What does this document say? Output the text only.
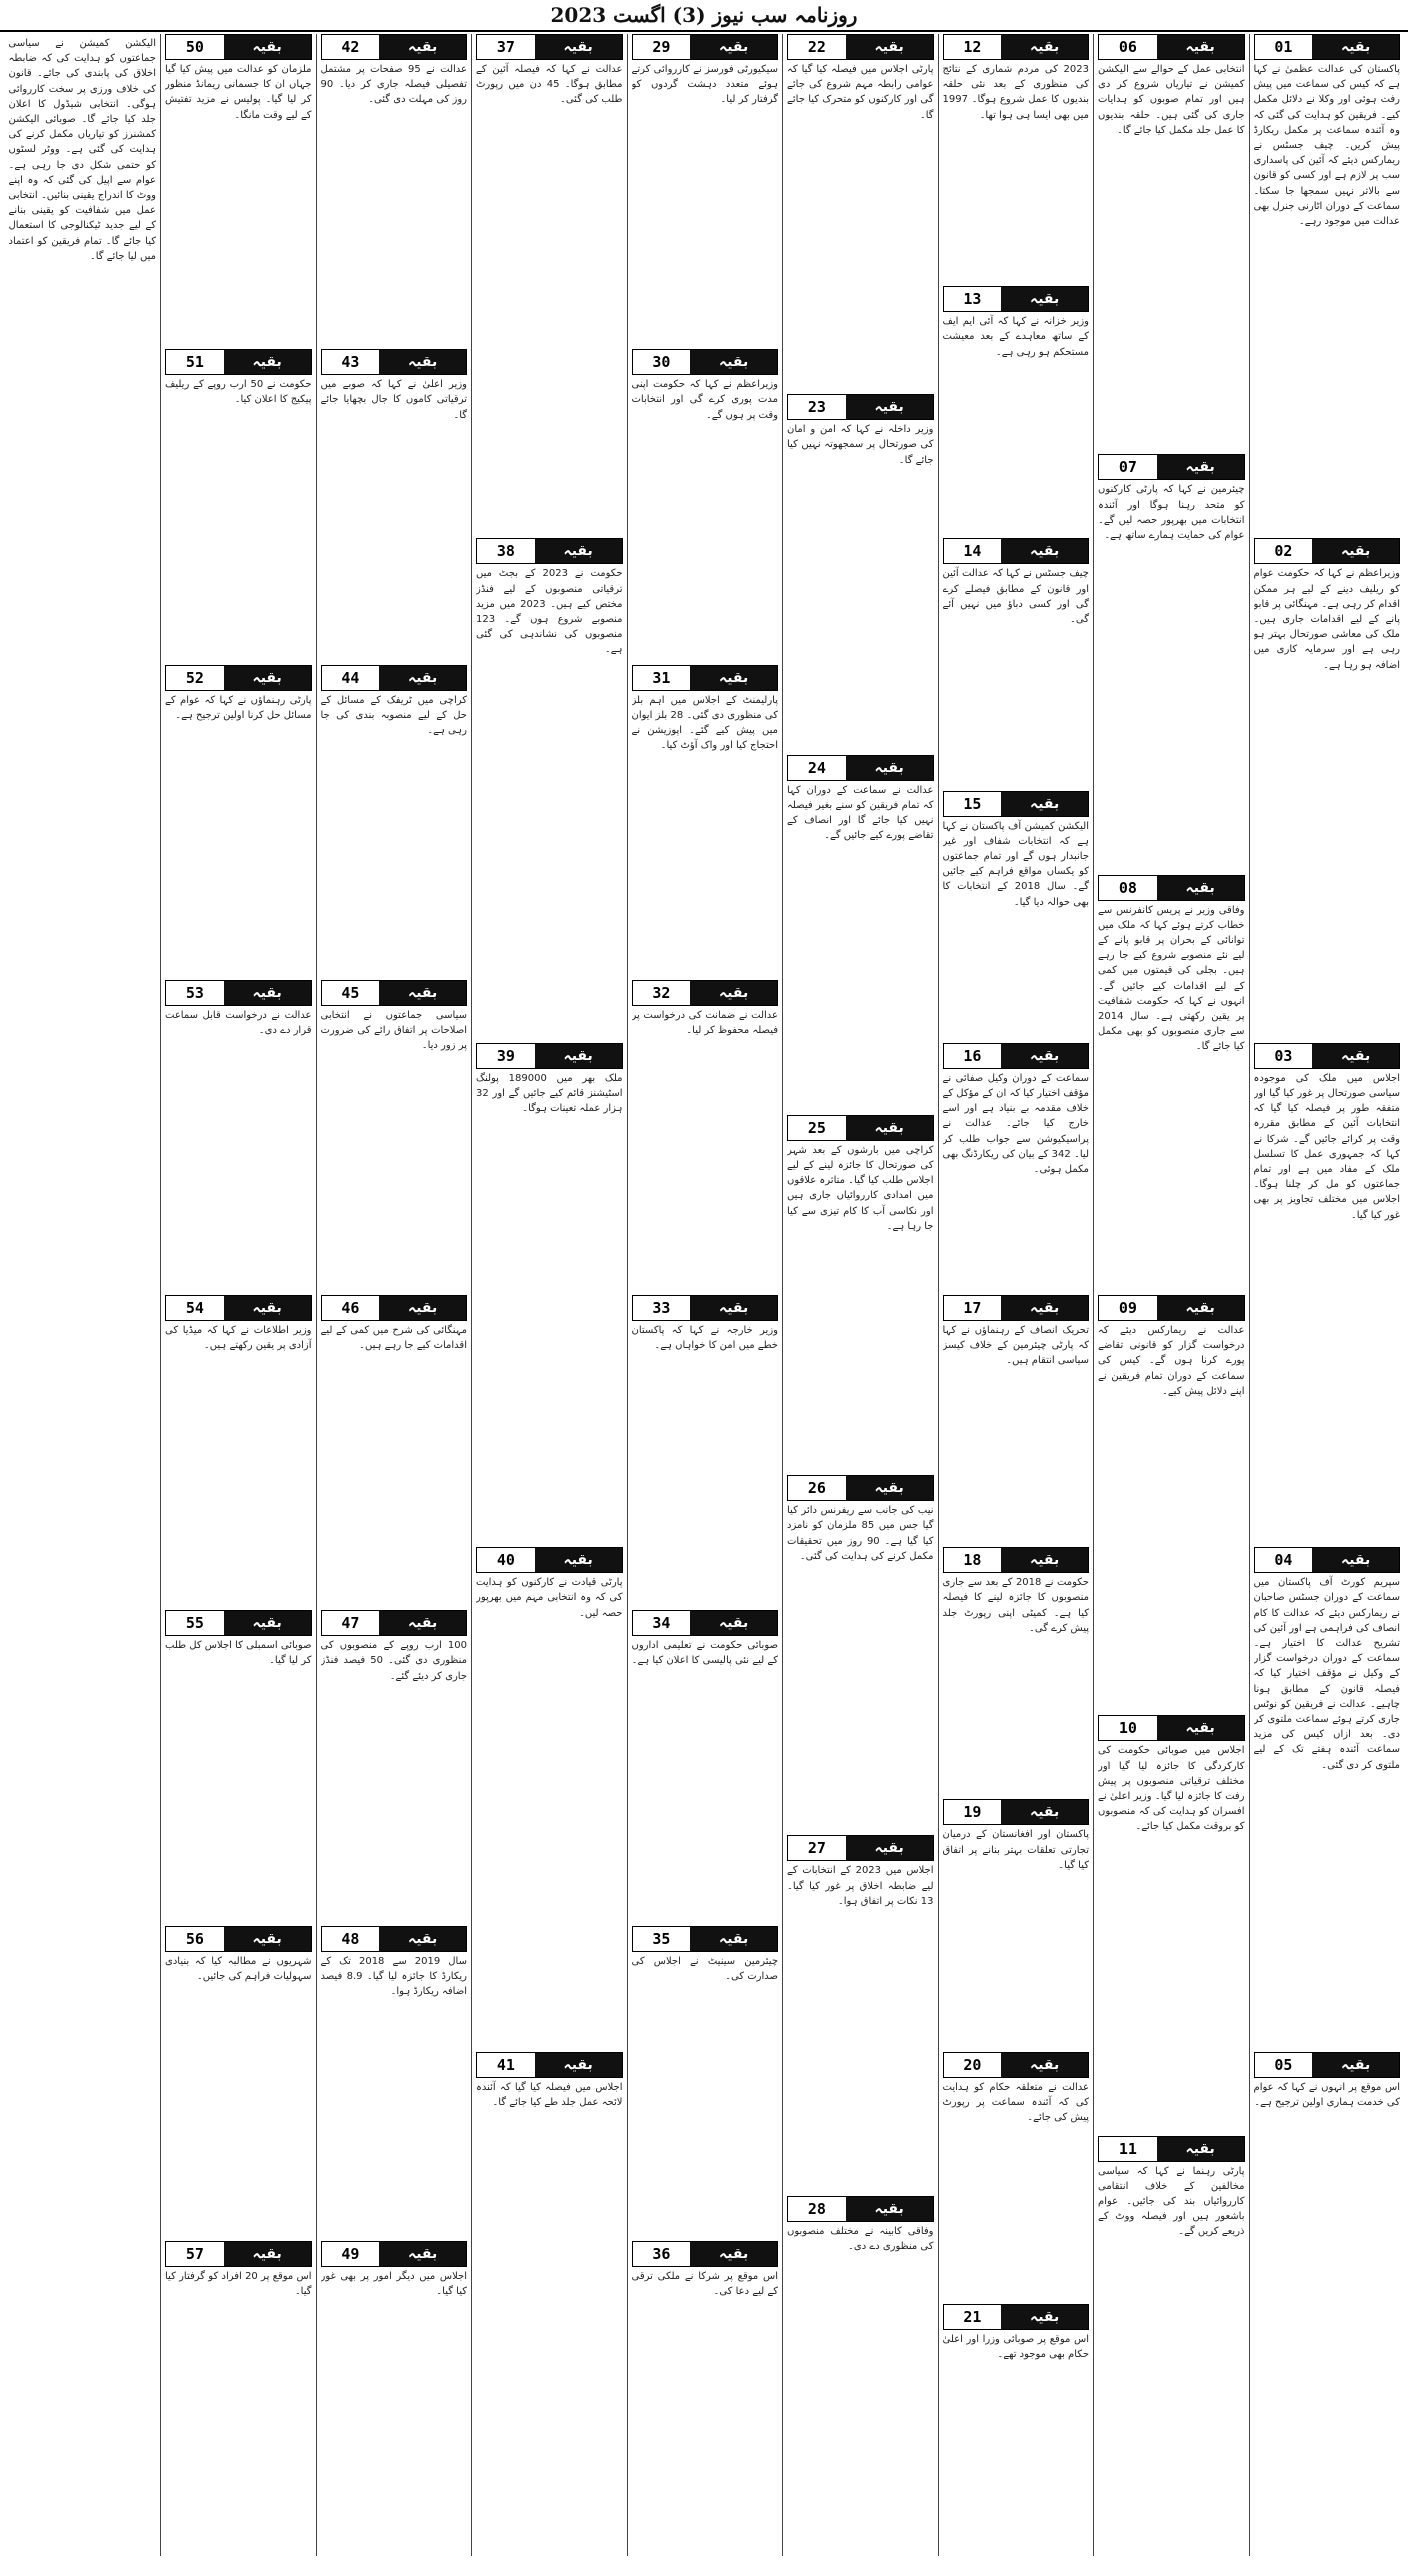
روزنامہ سب نیوز (3) اگست 2023
بقیہ
01
پاکستان کی عدالت عظمیٰ نے کہا ہے کہ کیس کی سماعت میں پیش رفت ہوئی اور وکلا نے دلائل مکمل کیے۔ فریقین کو ہدایت کی گئی کہ وہ آئندہ سماعت پر مکمل ریکارڈ پیش کریں۔ چیف جسٹس نے ریمارکس دیئے کہ آئین کی پاسداری سب پر لازم ہے اور کسی کو قانون سے بالاتر نہیں سمجھا جا سکتا۔ سماعت کے دوران اٹارنی جنرل بھی عدالت میں موجود رہے۔
بقیہ
02
وزیراعظم نے کہا کہ حکومت عوام کو ریلیف دینے کے لیے ہر ممکن اقدام کر رہی ہے۔ مہنگائی پر قابو پانے کے لیے اقدامات جاری ہیں۔ ملک کی معاشی صورتحال بہتر ہو رہی ہے اور سرمایہ کاری میں اضافہ ہو رہا ہے۔
بقیہ
03
اجلاس میں ملک کی موجودہ سیاسی صورتحال پر غور کیا گیا اور متفقہ طور پر فیصلہ کیا گیا کہ انتخابات آئین کے مطابق مقررہ وقت پر کرائے جائیں گے۔ شرکا نے کہا کہ جمہوری عمل کا تسلسل ملک کے مفاد میں ہے اور تمام جماعتوں کو مل کر چلنا ہوگا۔ اجلاس میں مختلف تجاویز پر بھی غور کیا گیا۔
بقیہ
04
سپریم کورٹ آف پاکستان میں سماعت کے دوران جسٹس صاحبان نے ریمارکس دیئے کہ عدالت کا کام انصاف کی فراہمی ہے اور آئین کی تشریح عدالت کا اختیار ہے۔ سماعت کے دوران درخواست گزار کے وکیل نے مؤقف اختیار کیا کہ فیصلہ قانون کے مطابق ہونا چاہیے۔ عدالت نے فریقین کو نوٹس جاری کرتے ہوئے سماعت ملتوی کر دی۔ بعد ازاں کیس کی مزید سماعت آئندہ ہفتے تک کے لیے ملتوی کر دی گئی۔
بقیہ
05
اس موقع پر انہوں نے کہا کہ عوام کی خدمت ہماری اولین ترجیح ہے۔
بقیہ
06
انتخابی عمل کے حوالے سے الیکشن کمیشن نے تیاریاں شروع کر دی ہیں اور تمام صوبوں کو ہدایات جاری کی گئی ہیں۔ حلقہ بندیوں کا عمل جلد مکمل کیا جائے گا۔
بقیہ
07
چیئرمین نے کہا کہ پارٹی کارکنوں کو متحد رہنا ہوگا اور آئندہ انتخابات میں بھرپور حصہ لیں گے۔ عوام کی حمایت ہمارے ساتھ ہے۔
بقیہ
08
وفاقی وزیر نے پریس کانفرنس سے خطاب کرتے ہوئے کہا کہ ملک میں توانائی کے بحران پر قابو پانے کے لیے نئے منصوبے شروع کیے جا رہے ہیں۔ بجلی کی قیمتوں میں کمی کے لیے اقدامات کیے جائیں گے۔ انہوں نے کہا کہ حکومت شفافیت پر یقین رکھتی ہے۔ سال 2014 سے جاری منصوبوں کو بھی مکمل کیا جائے گا۔
بقیہ
09
عدالت نے ریمارکس دیئے کہ درخواست گزار کو قانونی تقاضے پورے کرنا ہوں گے۔ کیس کی سماعت کے دوران تمام فریقین نے اپنے دلائل پیش کیے۔
بقیہ
10
اجلاس میں صوبائی حکومت کی کارکردگی کا جائزہ لیا گیا اور مختلف ترقیاتی منصوبوں پر پیش رفت کا جائزہ لیا گیا۔ وزیر اعلیٰ نے افسران کو ہدایت کی کہ منصوبوں کو بروقت مکمل کیا جائے۔
بقیہ
11
پارٹی رہنما نے کہا کہ سیاسی مخالفین کے خلاف انتقامی کارروائیاں بند کی جائیں۔ عوام باشعور ہیں اور فیصلہ ووٹ کے ذریعے کریں گے۔
بقیہ
12
2023 کی مردم شماری کے نتائج کی منظوری کے بعد نئی حلقہ بندیوں کا عمل شروع ہوگا۔ 1997 میں بھی ایسا ہی ہوا تھا۔
بقیہ
13
وزیر خزانہ نے کہا کہ آئی ایم ایف کے ساتھ معاہدے کے بعد معیشت مستحکم ہو رہی ہے۔
بقیہ
14
چیف جسٹس نے کہا کہ عدالت آئین اور قانون کے مطابق فیصلے کرے گی اور کسی دباؤ میں نہیں آئے گی۔
بقیہ
15
الیکشن کمیشن آف پاکستان نے کہا ہے کہ انتخابات شفاف اور غیر جانبدار ہوں گے اور تمام جماعتوں کو یکساں مواقع فراہم کیے جائیں گے۔ سال 2018 کے انتخابات کا بھی حوالہ دیا گیا۔
بقیہ
16
سماعت کے دوران وکیل صفائی نے مؤقف اختیار کیا کہ ان کے مؤکل کے خلاف مقدمہ بے بنیاد ہے اور اسے خارج کیا جائے۔ عدالت نے پراسیکیوشن سے جواب طلب کر لیا۔ 342 کے بیان کی ریکارڈنگ بھی مکمل ہوئی۔
بقیہ
17
تحریک انصاف کے رہنماؤں نے کہا کہ پارٹی چیئرمین کے خلاف کیسز سیاسی انتقام ہیں۔
بقیہ
18
حکومت نے 2018 کے بعد سے جاری منصوبوں کا جائزہ لینے کا فیصلہ کیا ہے۔ کمیٹی اپنی رپورٹ جلد پیش کرے گی۔
بقیہ
19
پاکستان اور افغانستان کے درمیان تجارتی تعلقات بہتر بنانے پر اتفاق کیا گیا۔
بقیہ
20
عدالت نے متعلقہ حکام کو ہدایت کی کہ آئندہ سماعت پر رپورٹ پیش کی جائے۔
بقیہ
21
اس موقع پر صوبائی وزرا اور اعلیٰ حکام بھی موجود تھے۔
بقیہ
22
پارٹی اجلاس میں فیصلہ کیا گیا کہ عوامی رابطہ مہم شروع کی جائے گی اور کارکنوں کو متحرک کیا جائے گا۔
بقیہ
23
وزیر داخلہ نے کہا کہ امن و امان کی صورتحال پر سمجھوتہ نہیں کیا جائے گا۔
بقیہ
24
عدالت نے سماعت کے دوران کہا کہ تمام فریقین کو سنے بغیر فیصلہ نہیں کیا جائے گا اور انصاف کے تقاضے پورے کیے جائیں گے۔
بقیہ
25
کراچی میں بارشوں کے بعد شہر کی صورتحال کا جائزہ لینے کے لیے اجلاس طلب کیا گیا۔ متاثرہ علاقوں میں امدادی کارروائیاں جاری ہیں اور نکاسی آب کا کام تیزی سے کیا جا رہا ہے۔
بقیہ
26
نیب کی جانب سے ریفرنس دائر کیا گیا جس میں 85 ملزمان کو نامزد کیا گیا ہے۔ 90 روز میں تحقیقات مکمل کرنے کی ہدایت کی گئی۔
بقیہ
27
اجلاس میں 2023 کے انتخابات کے لیے ضابطہ اخلاق پر غور کیا گیا۔ 13 نکات پر اتفاق ہوا۔
بقیہ
28
وفاقی کابینہ نے مختلف منصوبوں کی منظوری دے دی۔
بقیہ
29
سیکیورٹی فورسز نے کارروائی کرتے ہوئے متعدد دہشت گردوں کو گرفتار کر لیا۔
بقیہ
30
وزیراعظم نے کہا کہ حکومت اپنی مدت پوری کرے گی اور انتخابات وقت پر ہوں گے۔
بقیہ
31
پارلیمنٹ کے اجلاس میں اہم بلز کی منظوری دی گئی۔ 28 بلز ایوان میں پیش کیے گئے۔ اپوزیشن نے احتجاج کیا اور واک آؤٹ کیا۔
بقیہ
32
عدالت نے ضمانت کی درخواست پر فیصلہ محفوظ کر لیا۔
بقیہ
33
وزیر خارجہ نے کہا کہ پاکستان خطے میں امن کا خواہاں ہے۔
بقیہ
34
صوبائی حکومت نے تعلیمی اداروں کے لیے نئی پالیسی کا اعلان کیا ہے۔
بقیہ
35
چیئرمین سینیٹ نے اجلاس کی صدارت کی۔
بقیہ
36
اس موقع پر شرکا نے ملکی ترقی کے لیے دعا کی۔
بقیہ
37
عدالت نے کہا کہ فیصلہ آئین کے مطابق ہوگا۔ 45 دن میں رپورٹ طلب کی گئی۔
بقیہ
38
حکومت نے 2023 کے بجٹ میں ترقیاتی منصوبوں کے لیے فنڈز مختص کیے ہیں۔ 2023 میں مزید منصوبے شروع ہوں گے۔ 123 منصوبوں کی نشاندہی کی گئی ہے۔
بقیہ
39
ملک بھر میں 189000 پولنگ اسٹیشنز قائم کیے جائیں گے اور 32 ہزار عملہ تعینات ہوگا۔
بقیہ
40
پارٹی قیادت نے کارکنوں کو ہدایت کی کہ وہ انتخابی مہم میں بھرپور حصہ لیں۔
بقیہ
41
اجلاس میں فیصلہ کیا گیا کہ آئندہ لائحہ عمل جلد طے کیا جائے گا۔
بقیہ
42
عدالت نے 95 صفحات پر مشتمل تفصیلی فیصلہ جاری کر دیا۔ 90 روز کی مہلت دی گئی۔
بقیہ
43
وزیر اعلیٰ نے کہا کہ صوبے میں ترقیاتی کاموں کا جال بچھایا جائے گا۔
بقیہ
44
کراچی میں ٹریفک کے مسائل کے حل کے لیے منصوبہ بندی کی جا رہی ہے۔
بقیہ
45
سیاسی جماعتوں نے انتخابی اصلاحات پر اتفاق رائے کی ضرورت پر زور دیا۔
بقیہ
46
مہنگائی کی شرح میں کمی کے لیے اقدامات کیے جا رہے ہیں۔
بقیہ
47
100 ارب روپے کے منصوبوں کی منظوری دی گئی۔ 50 فیصد فنڈز جاری کر دیئے گئے۔
بقیہ
48
سال 2019 سے 2018 تک کے ریکارڈ کا جائزہ لیا گیا۔ 8.9 فیصد اضافہ ریکارڈ ہوا۔
بقیہ
49
اجلاس میں دیگر امور پر بھی غور کیا گیا۔
بقیہ
50
ملزمان کو عدالت میں پیش کیا گیا جہاں ان کا جسمانی ریمانڈ منظور کر لیا گیا۔ پولیس نے مزید تفتیش کے لیے وقت مانگا۔
بقیہ
51
حکومت نے 50 ارب روپے کے ریلیف پیکیج کا اعلان کیا۔
بقیہ
52
پارٹی رہنماؤں نے کہا کہ عوام کے مسائل حل کرنا اولین ترجیح ہے۔
بقیہ
53
عدالت نے درخواست قابل سماعت قرار دے دی۔
بقیہ
54
وزیر اطلاعات نے کہا کہ میڈیا کی آزادی پر یقین رکھتے ہیں۔
بقیہ
55
صوبائی اسمبلی کا اجلاس کل طلب کر لیا گیا۔
بقیہ
56
شہریوں نے مطالبہ کیا کہ بنیادی سہولیات فراہم کی جائیں۔
بقیہ
57
اس موقع پر 20 افراد کو گرفتار کیا گیا۔
الیکشن کمیشن نے سیاسی جماعتوں کو ہدایت کی کہ ضابطہ اخلاق کی پابندی کی جائے۔ قانون کی خلاف ورزی پر سخت کارروائی ہوگی۔ انتخابی شیڈول کا اعلان جلد کیا جائے گا۔ صوبائی الیکشن کمشنرز کو تیاریاں مکمل کرنے کی ہدایت کی گئی ہے۔ ووٹر لسٹوں کو حتمی شکل دی جا رہی ہے۔ عوام سے اپیل کی گئی کہ وہ اپنے ووٹ کا اندراج یقینی بنائیں۔ انتخابی عمل میں شفافیت کو یقینی بنانے کے لیے جدید ٹیکنالوجی کا استعمال کیا جائے گا۔ تمام فریقین کو اعتماد میں لیا جائے گا۔
